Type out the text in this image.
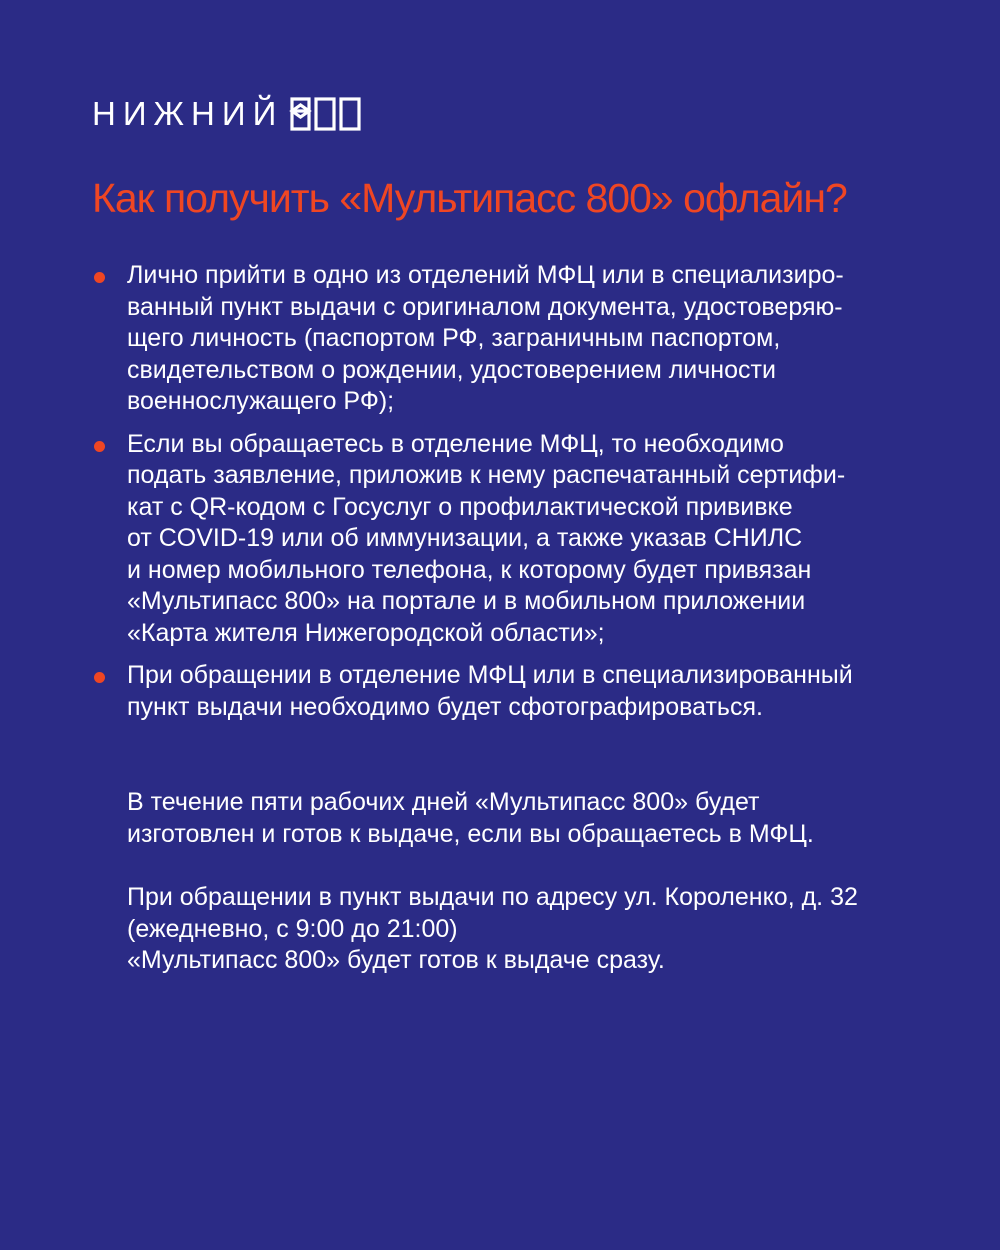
НИЖНИЙ
Как получить «Мультипасс 800» офлайн?
Лично прийти в одно из отделений МФЦ или в специализиро-
ванный пункт выдачи с оригиналом документа, удостоверяю-
щего личность (паспортом РФ, заграничным паспортом,
свидетельством о рождении, удостоверением личности
военнослужащего РФ);
Если вы обращаетесь в отделение МФЦ, то необходимо
подать заявление, приложив к нему распечатанный сертифи-
кат с QR-кодом с Госуслуг о профилактической прививке
от COVID-19 или об иммунизации, а также указав СНИЛС
и номер мобильного телефона, к которому будет привязан
«Мультипасс 800» на портале и в мобильном приложении
«Карта жителя Нижегородской области»;
При обращении в отделение МФЦ или в специализированный
пункт выдачи необходимо будет сфотографироваться.
В течение пяти рабочих дней «Мультипасс 800» будет
изготовлен и готов к выдаче, если вы обращаетесь в МФЦ.
При обращении в пункт выдачи по адресу ул. Короленко, д. 32
(ежедневно, с 9:00 до 21:00)
«Мультипасс 800» будет готов к выдаче сразу.
